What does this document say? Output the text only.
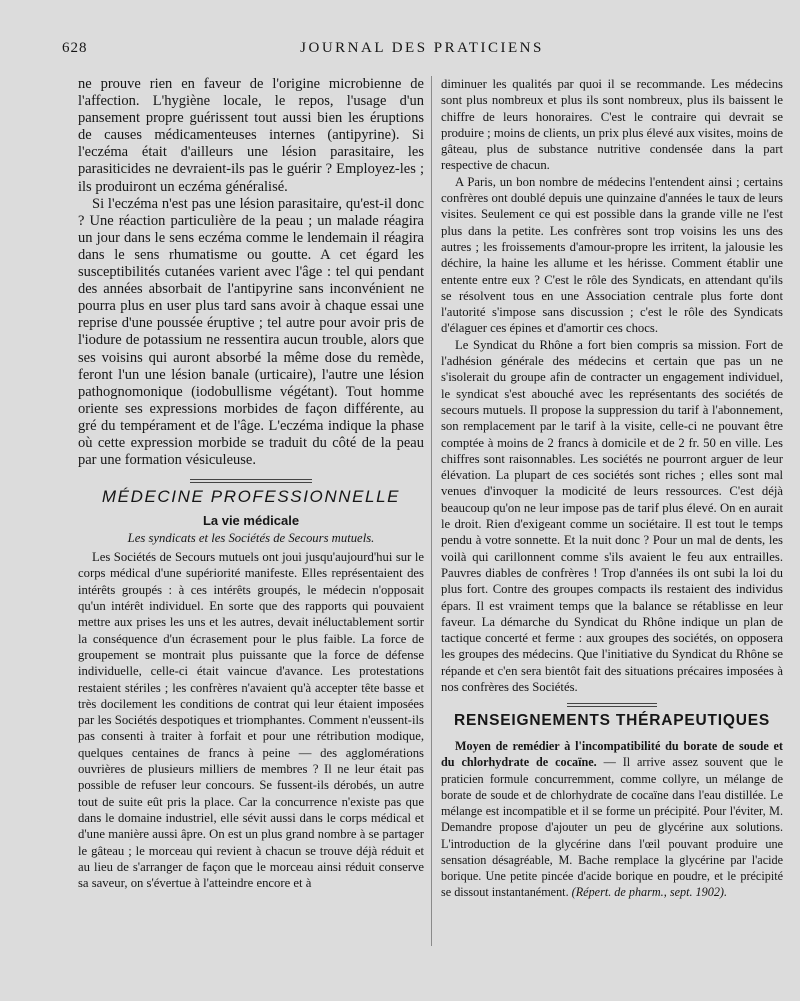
628	JOURNAL DES PRATICIENS

ne prouve rien en faveur de l'origine microbienne de l'affection. L'hygiène locale, le repos, l'usage d'un pansement propre guérissent tout aussi bien les éruptions de causes médicamenteuses internes (antipyrine). Si l'eczéma était d'ailleurs une lésion parasitaire, les parasiticides ne devraient-ils pas le guérir ? Employez-les ; ils produiront un eczéma généralisé.

Si l'eczéma n'est pas une lésion parasitaire, qu'est-il donc ? Une réaction particulière de la peau ; un malade réagira un jour dans le sens eczéma comme le lendemain il réagira dans le sens rhumatisme ou goutte. A cet égard les susceptibilités cutanées varient avec l'âge : tel qui pendant des années absorbait de l'antipyrine sans inconvénient ne pourra plus en user plus tard sans avoir à chaque essai une reprise d'une poussée éruptive ; tel autre pour avoir pris de l'iodure de potassium ne ressentira aucun trouble, alors que ses voisins qui auront absorbé la même dose du remède, feront l'un une lésion banale (urticaire), l'autre une lésion pathognomonique (iodobullisme végétant). Tout homme oriente ses expressions morbides de façon différente, au gré du tempérament et de l'âge. L'eczéma indique la phase où cette expression morbide se traduit du côté de la peau par une formation vésiculeuse.

MÉDECINE PROFESSIONNELLE
La vie médicale
Les syndicats et les Sociétés de Secours mutuels.

Les Sociétés de Secours mutuels ont joui jusqu'aujourd'hui sur le corps médical d'une supériorité manifeste. Elles représentaient des intérêts groupés : à ces intérêts groupés, le médecin n'opposait qu'un intérêt individuel. En sorte que des rapports qui pouvaient mettre aux prises les uns et les autres, devait inéluctablement sortir la conséquence d'un écrasement pour le plus faible. La force de groupement se montrait plus puissante que la force de défense individuelle, celle-ci était vaincue d'avance. Les protestations restaient stériles ; les confrères n'avaient qu'à accepter tête basse et très docilement les conditions de contrat qui leur étaient imposées par les Sociétés despotiques et triomphantes. Comment n'eussent-ils pas consenti à traiter à forfait et pour une rétribution modique, quelques centaines de francs à peine — des agglomérations ouvrières de plusieurs milliers de membres ? Il ne leur était pas possible de refuser leur concours. Se fussent-ils dérobés, un autre tout de suite eût pris la place. Car la concurrence n'existe pas que dans le domaine industriel, elle sévit aussi dans le corps médical et d'une manière aussi âpre. On est un plus grand nombre à se partager le gâteau ; le morceau qui revient à chacun se trouve déjà réduit et au lieu de s'arranger de façon que le morceau ainsi réduit conserve sa saveur, on s'évertue à l'atteindre encore et à

diminuer les qualités par quoi il se recommande. Les médecins sont plus nombreux et plus ils sont nombreux, plus ils baissent le chiffre de leurs honoraires. C'est le contraire qui devrait se produire ; moins de clients, un prix plus élevé aux visites, moins de gâteau, plus de substance nutritive condensée dans la part respective de chacun.

A Paris, un bon nombre de médecins l'entendent ainsi ; certains confrères ont doublé depuis une quinzaine d'années le taux de leurs visites. Seulement ce qui est possible dans la grande ville ne l'est plus dans la petite. Les confrères sont trop voisins les uns des autres ; les froissements d'amour-propre les irritent, la jalousie les déchire, la haine les allume et les hérisse. Comment établir une entente entre eux ? C'est le rôle des Syndicats, en attendant qu'ils se résolvent tous en une Association centrale plus forte dont l'autorité s'impose sans discussion ; c'est le rôle des Syndicats d'élaguer ces épines et d'amortir ces chocs.

Le Syndicat du Rhône a fort bien compris sa mission. Fort de l'adhésion générale des médecins et certain que pas un ne s'isolerait du groupe afin de contracter un engagement individuel, le syndicat s'est abouché avec les représentants des sociétés de secours mutuels. Il propose la suppression du tarif à l'abonnement, son remplacement par le tarif à la visite, celle-ci ne pouvant être comptée à moins de 2 francs à domicile et de 2 fr. 50 en ville. Les chiffres sont raisonnables. Les sociétés ne pourront arguer de leur élévation. La plupart de ces sociétés sont riches ; elles sont mal venues d'invoquer la modicité de leurs ressources. C'est déjà beaucoup qu'on ne leur impose pas de tarif plus élevé. On en aurait le droit. Rien d'exigeant comme un sociétaire. Il est tout le temps pendu à votre sonnette. Et la nuit donc ? Pour un mal de dents, les voilà qui carillonnent comme s'ils avaient le feu aux entrailles. Pauvres diables de confrères ! Trop d'années ils ont subi la loi du plus fort. Contre des groupes compacts ils restaient des individus épars. Il est vraiment temps que la balance se rétablisse en leur faveur. La démarche du Syndicat du Rhône indique un plan de tactique concerté et ferme : aux groupes des sociétés, on opposera les groupes des médecins. Que l'initiative du Syndicat du Rhône se répande et c'en sera bientôt fait des situations précaires imposées à nos confrères des Sociétés.

RENSEIGNEMENTS THÉRAPEUTIQUES

Moyen de remédier à l'incompatibilité du borate de soude et du chlorhydrate de cocaïne. — Il arrive assez souvent que le praticien formule concurremment, comme collyre, un mélange de borate de soude et de chlorhydrate de cocaïne dans l'eau distillée. Le mélange est incompatible et il se forme un précipité. Pour l'éviter, M. Demandre propose d'ajouter un peu de glycérine aux solutions. L'introduction de la glycérine dans l'œil pouvant produire une sensation désagréable, M. Bache remplace la glycérine par l'acide borique. Une petite pincée d'acide borique en poudre, et le précipité se dissout instantanément. (Répert. de pharm., sept. 1902).
